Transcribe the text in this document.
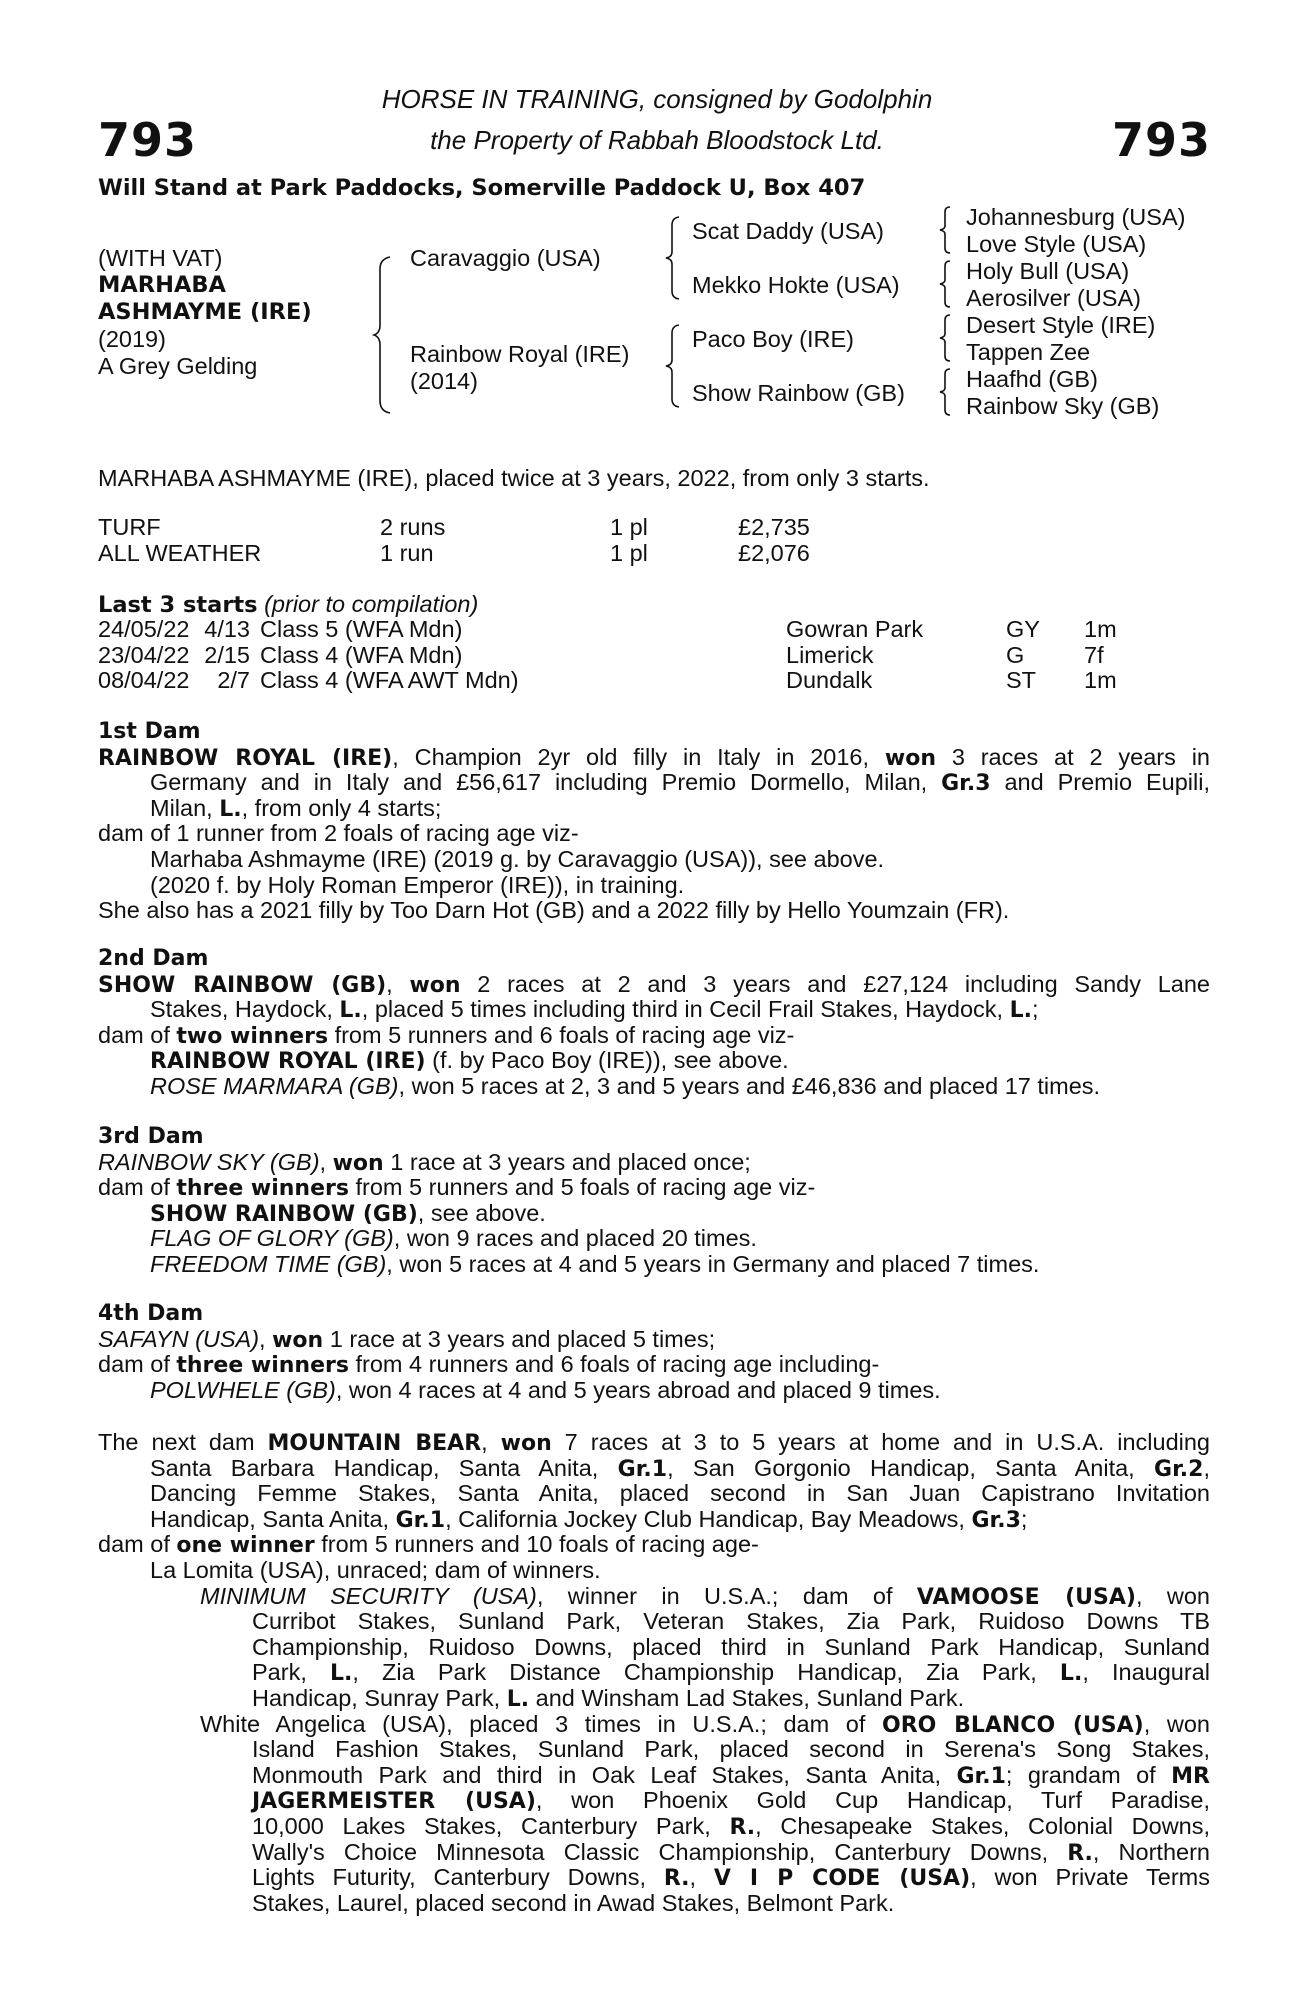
793	793
HORSE IN TRAINING, consigned by Godolphin
the Property of Rabbah Bloodstock Ltd.
Will Stand at Park Paddocks, Somerville Paddock U, Box 407
(WITH VAT)
MARHABA
ASHMAYME (IRE)
(2019)
A Grey Gelding
Caravaggio (USA)
Rainbow Royal (IRE)
(2014)
Scat Daddy (USA)
Mekko Hokte (USA)
Paco Boy (IRE)
Show Rainbow (GB)
Johannesburg (USA)
Love Style (USA)
Holy Bull (USA)
Aerosilver (USA)
Desert Style (IRE)
Tappen Zee
Haafhd (GB)
Rainbow Sky (GB)
MARHABA ASHMAYME (IRE), placed twice at 3 years, 2022, from only 3 starts.
TURF	2 runs	1 pl	£2,735
ALL WEATHER	1 run	1 pl	£2,076
Last 3 starts (prior to compilation)
24/05/22	4/13	Class 5 (WFA Mdn)	Gowran Park	GY	1m
23/04/22	2/15	Class 4 (WFA Mdn)	Limerick	G	7f
08/04/22	2/7	Class 4 (WFA AWT Mdn)	Dundalk	ST	1m
1st Dam
RAINBOW ROYAL (IRE), Champion 2yr old filly in Italy in 2016, won 3 races at 2 years in
Germany and in Italy and £56,617 including Premio Dormello, Milan, Gr.3 and Premio Eupili,
Milan, L., from only 4 starts;
dam of 1 runner from 2 foals of racing age viz-
Marhaba Ashmayme (IRE) (2019 g. by Caravaggio (USA)), see above.
(2020 f. by Holy Roman Emperor (IRE)), in training.
She also has a 2021 filly by Too Darn Hot (GB) and a 2022 filly by Hello Youmzain (FR).
2nd Dam
SHOW RAINBOW (GB), won 2 races at 2 and 3 years and £27,124 including Sandy Lane
Stakes, Haydock, L., placed 5 times including third in Cecil Frail Stakes, Haydock, L.;
dam of two winners from 5 runners and 6 foals of racing age viz-
RAINBOW ROYAL (IRE) (f. by Paco Boy (IRE)), see above.
ROSE MARMARA (GB), won 5 races at 2, 3 and 5 years and £46,836 and placed 17 times.
3rd Dam
RAINBOW SKY (GB), won 1 race at 3 years and placed once;
dam of three winners from 5 runners and 5 foals of racing age viz-
SHOW RAINBOW (GB), see above.
FLAG OF GLORY (GB), won 9 races and placed 20 times.
FREEDOM TIME (GB), won 5 races at 4 and 5 years in Germany and placed 7 times.
4th Dam
SAFAYN (USA), won 1 race at 3 years and placed 5 times;
dam of three winners from 4 runners and 6 foals of racing age including-
POLWHELE (GB), won 4 races at 4 and 5 years abroad and placed 9 times.
The next dam MOUNTAIN BEAR, won 7 races at 3 to 5 years at home and in U.S.A. including
Santa Barbara Handicap, Santa Anita, Gr.1, San Gorgonio Handicap, Santa Anita, Gr.2,
Dancing Femme Stakes, Santa Anita, placed second in San Juan Capistrano Invitation
Handicap, Santa Anita, Gr.1, California Jockey Club Handicap, Bay Meadows, Gr.3;
dam of one winner from 5 runners and 10 foals of racing age-
La Lomita (USA), unraced; dam of winners.
MINIMUM SECURITY (USA), winner in U.S.A.; dam of VAMOOSE (USA), won
Curribot Stakes, Sunland Park, Veteran Stakes, Zia Park, Ruidoso Downs TB
Championship, Ruidoso Downs, placed third in Sunland Park Handicap, Sunland
Park, L., Zia Park Distance Championship Handicap, Zia Park, L., Inaugural
Handicap, Sunray Park, L. and Winsham Lad Stakes, Sunland Park.
White Angelica (USA), placed 3 times in U.S.A.; dam of ORO BLANCO (USA), won
Island Fashion Stakes, Sunland Park, placed second in Serena's Song Stakes,
Monmouth Park and third in Oak Leaf Stakes, Santa Anita, Gr.1; grandam of MR
JAGERMEISTER (USA), won Phoenix Gold Cup Handicap, Turf Paradise,
10,000 Lakes Stakes, Canterbury Park, R., Chesapeake Stakes, Colonial Downs,
Wally's Choice Minnesota Classic Championship, Canterbury Downs, R., Northern
Lights Futurity, Canterbury Downs, R., V I P CODE (USA), won Private Terms
Stakes, Laurel, placed second in Awad Stakes, Belmont Park.
